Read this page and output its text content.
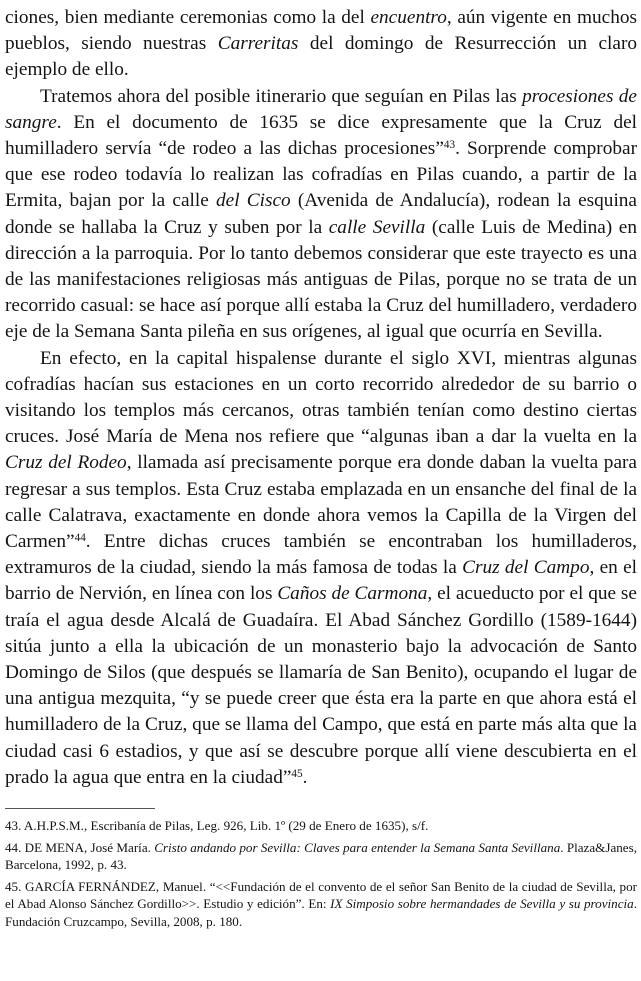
ciones, bien mediante ceremonias como la del encuentro, aún vigente en muchos pueblos, siendo nuestras Carreritas del domingo de Resurrección un claro ejemplo de ello.

Tratemos ahora del posible itinerario que seguían en Pilas las procesiones de sangre. En el documento de 1635 se dice expresamente que la Cruz del humilladero servía “de rodeo a las dichas procesiones”$^{43}$. Sorprende comprobar que ese rodeo todavía lo realizan las cofradías en Pilas cuando, a partir de la Ermita, bajan por la calle del Cisco (Avenida de Andalucía), rodean la esquina donde se hallaba la Cruz y suben por la calle Sevilla (calle Luis de Medina) en dirección a la parroquia. Por lo tanto debemos considerar que este trayecto es una de las manifestaciones religiosas más antiguas de Pilas, porque no se trata de un recorrido casual: se hace así porque allí estaba la Cruz del humilladero, verdadero eje de la Semana Santa pileña en sus orígenes, al igual que ocurría en Sevilla.

En efecto, en la capital hispalense durante el siglo XVI, mientras algunas cofradías hacían sus estaciones en un corto recorrido alrededor de su barrio o visitando los templos más cercanos, otras también tenían como destino ciertas cruces. José María de Mena nos refiere que “algunas iban a dar la vuelta en la Cruz del Rodeo, llamada así precisamente porque era donde daban la vuelta para regresar a sus templos. Esta Cruz estaba emplazada en un ensanche del final de la calle Calatrava, exactamente en donde ahora vemos la Capilla de la Virgen del Carmen”$^{44}$. Entre dichas cruces también se encontraban los humilladeros, extramuros de la ciudad, siendo la más famosa de todas la Cruz del Campo, en el barrio de Nervión, en línea con los Caños de Carmona, el acueducto por el que se traía el agua desde Alcalá de Guadaíra. El Abad Sánchez Gordillo (1589-1644) sitúa junto a ella la ubicación de un monasterio bajo la advocación de Santo Domingo de Silos (que después se llamaría de San Benito), ocupando el lugar de una antigua mezquita, “y se puede creer que ésta era la parte en que ahora está el humilladero de la Cruz, que se llama del Campo, que está en parte más alta que la ciudad casi 6 estadios, y que así se descubre porque allí viene descubierta en el prado la agua que entra en la ciudad”$^{45}$.

43. A.H.P.S.M., Escribanía de Pilas, Leg. 926, Lib. 1º (29 de Enero de 1635), s/f.

44. DE MENA, José María. Cristo andando por Sevilla: Claves para entender la Semana Santa Sevillana. Plaza&Janes, Barcelona, 1992, p. 43.

45. GARCÍA FERNÁNDEZ, Manuel. “<<Fundación de el convento de el señor San Benito de la ciudad de Sevilla, por el Abad Alonso Sánchez Gordillo>>. Estudio y edición”. En: IX Simposio sobre hermandades de Sevilla y su provincia. Fundación Cruzcampo, Sevilla, 2008, p. 180.
